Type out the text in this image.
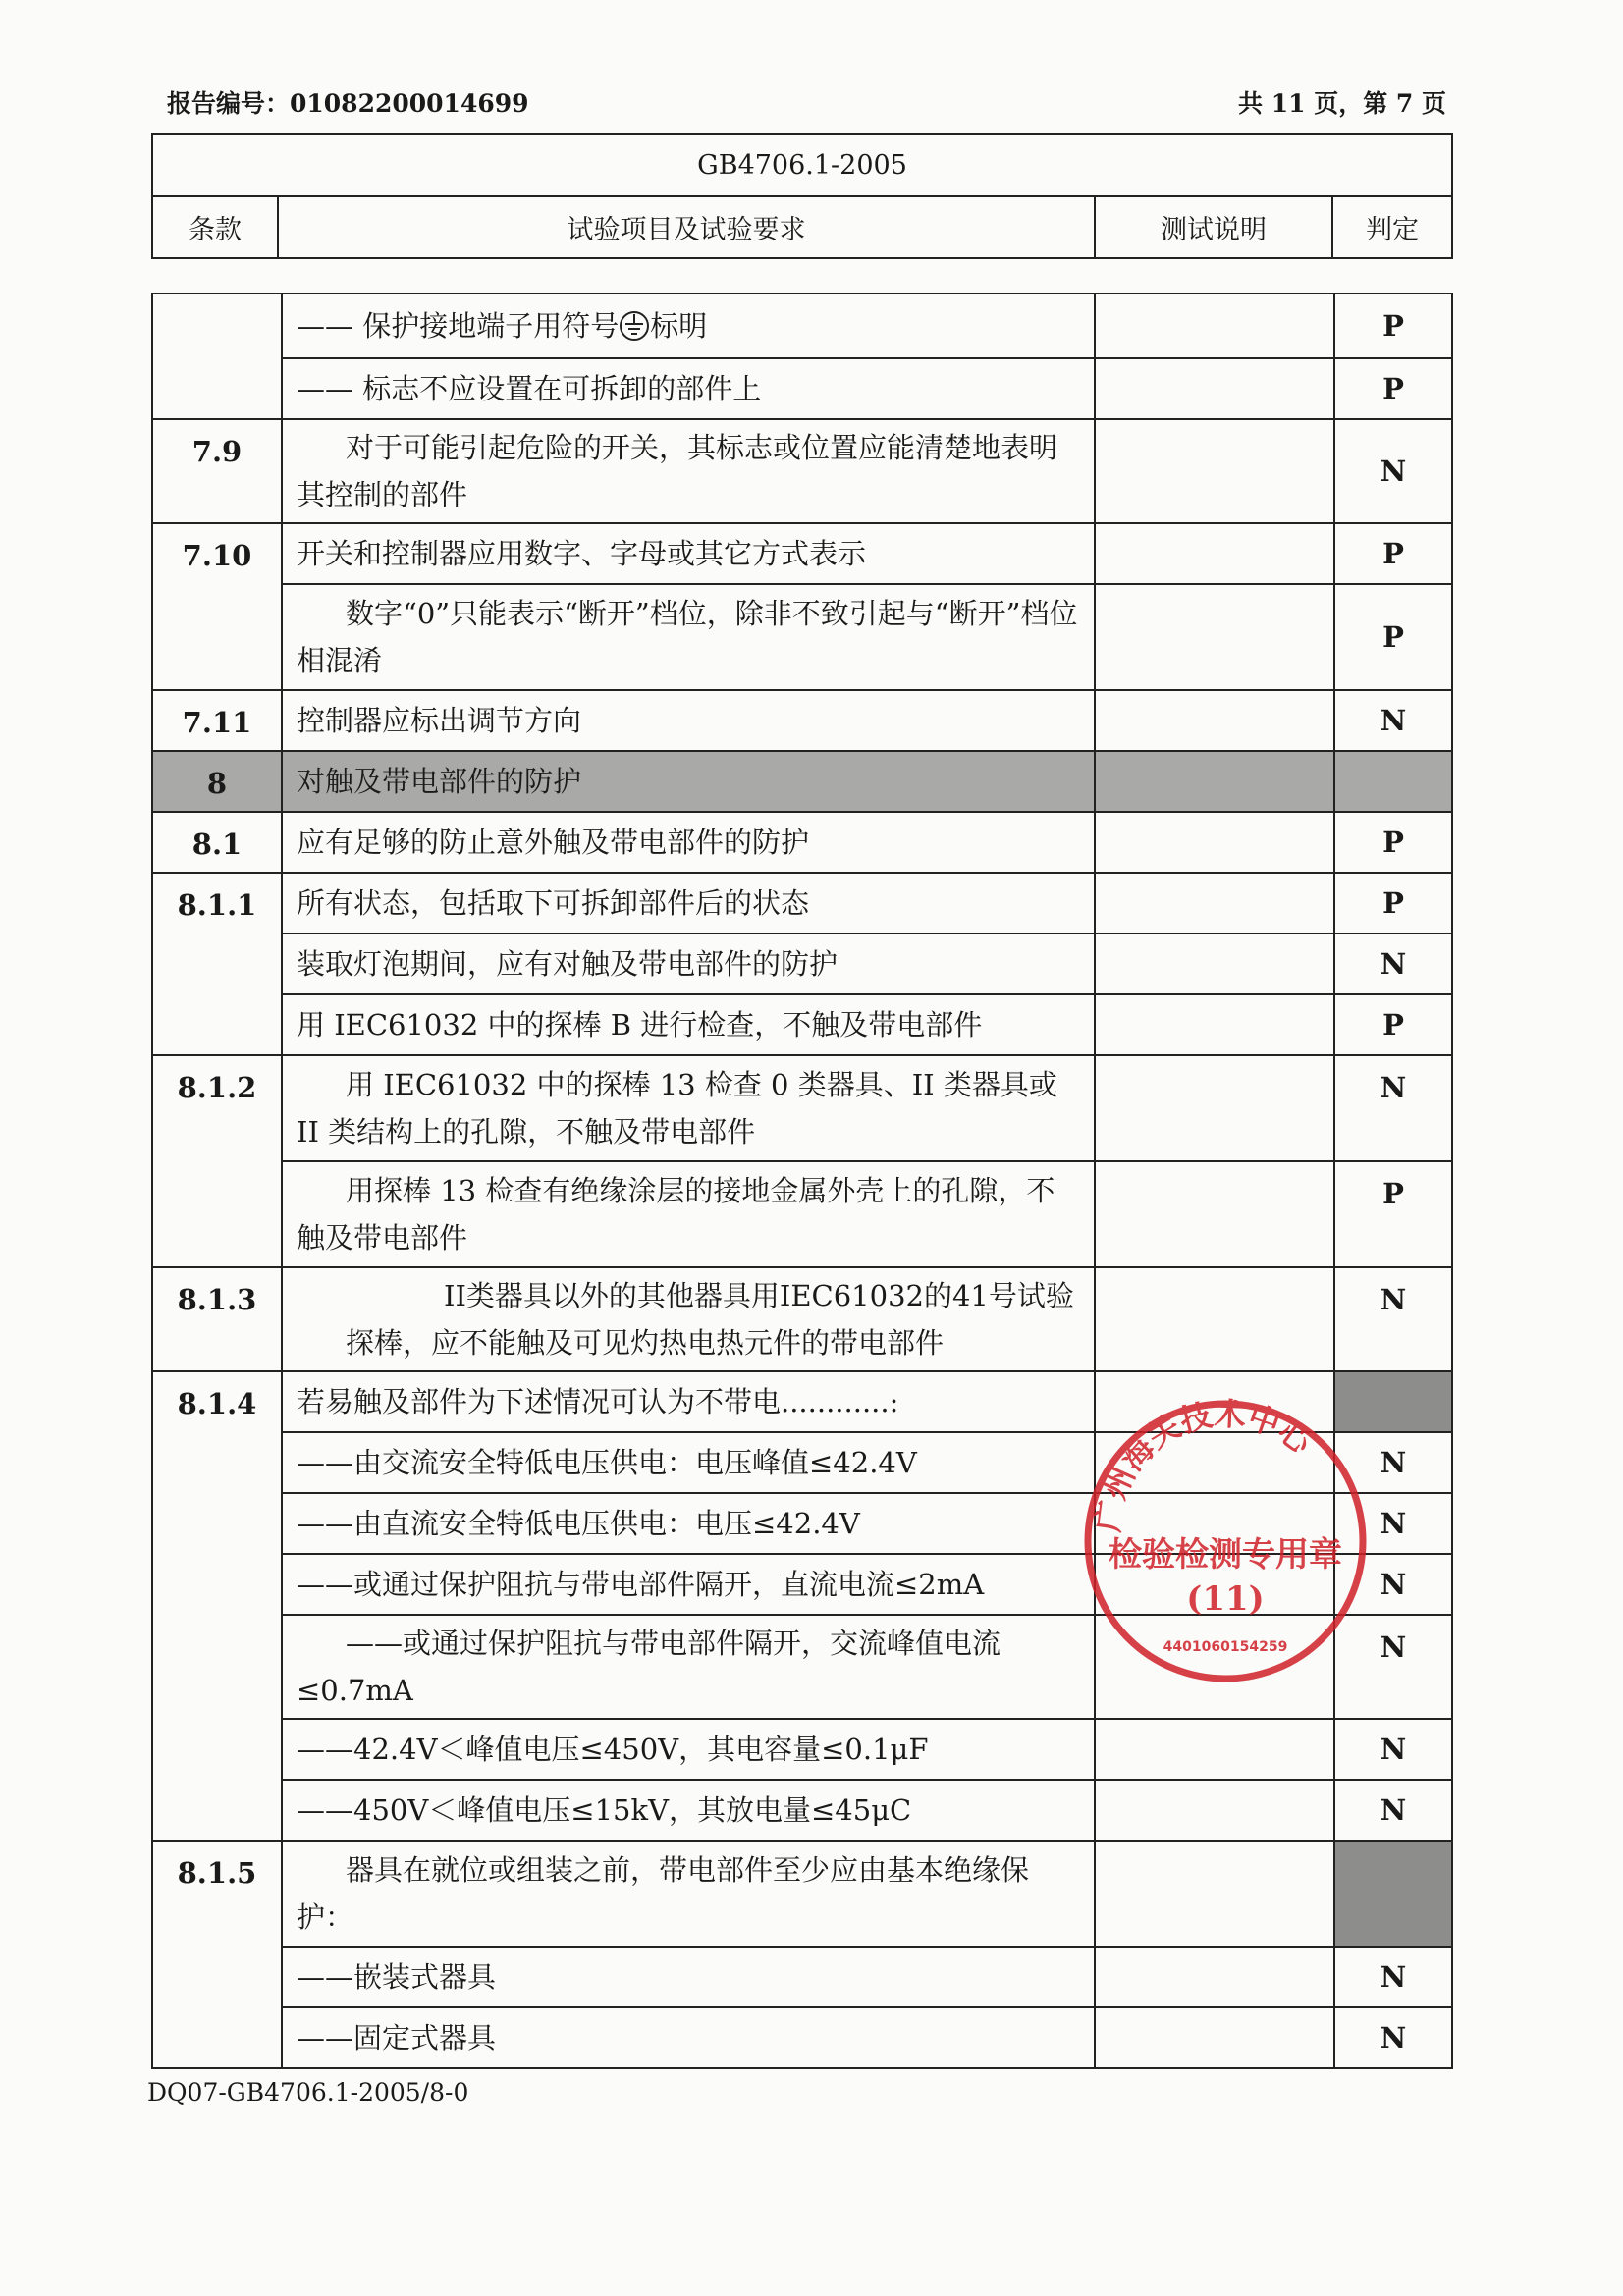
报告编号：01082200014699	共 11 页，第 7 页
GB4706.1-2005
条款	试验项目及试验要求	测试说明	判定
	—— 保护接地端子用符号 标明		P
	—— 标志不应设置在可拆卸的部件上		P
7.9	对于可能引起危险的开关，其标志或位置应能清楚地表明其控制的部件		N
7.10	开关和控制器应用数字、字母或其它方式表示		P
	数字“0”只能表示“断开”档位，除非不致引起与“断开”档位相混淆		P
7.11	控制器应标出调节方向		N
8	对触及带电部件的防护		
8.1	应有足够的防止意外触及带电部件的防护		P
8.1.1	所有状态，包括取下可拆卸部件后的状态		P
	装取灯泡期间，应有对触及带电部件的防护		N
	用 IEC61032 中的探棒 B 进行检查，不触及带电部件		P
8.1.2	用 IEC61032 中的探棒 13 检查 0 类器具、II 类器具或 II 类结构上的孔隙，不触及带电部件		N
	用探棒 13 检查有绝缘涂层的接地金属外壳上的孔隙，不触及带电部件		P
8.1.3	II类器具以外的其他器具用IEC61032的41号试验探棒，应不能触及可见灼热电热元件的带电部件		N
8.1.4	若易触及部件为下述情况可认为不带电............:		
	——由交流安全特低电压供电：电压峰值≤42.4V		N
	——由直流安全特低电压供电：电压≤42.4V		N
	——或通过保护阻抗与带电部件隔开，直流电流≤2mA		N
	——或通过保护阻抗与带电部件隔开，交流峰值电流≤0.7mA		N
	——42.4V＜峰值电压≤450V，其电容量≤0.1μF		N
	——450V＜峰值电压≤15kV，其放电量≤45μC		N
8.1.5	器具在就位或组装之前，带电部件至少应由基本绝缘保护：		
	——嵌装式器具		N
	——固定式器具		N
广州海关技术中心
检验检测专用章
(11)
4401060154259
DQ07-GB4706.1-2005/8-0
